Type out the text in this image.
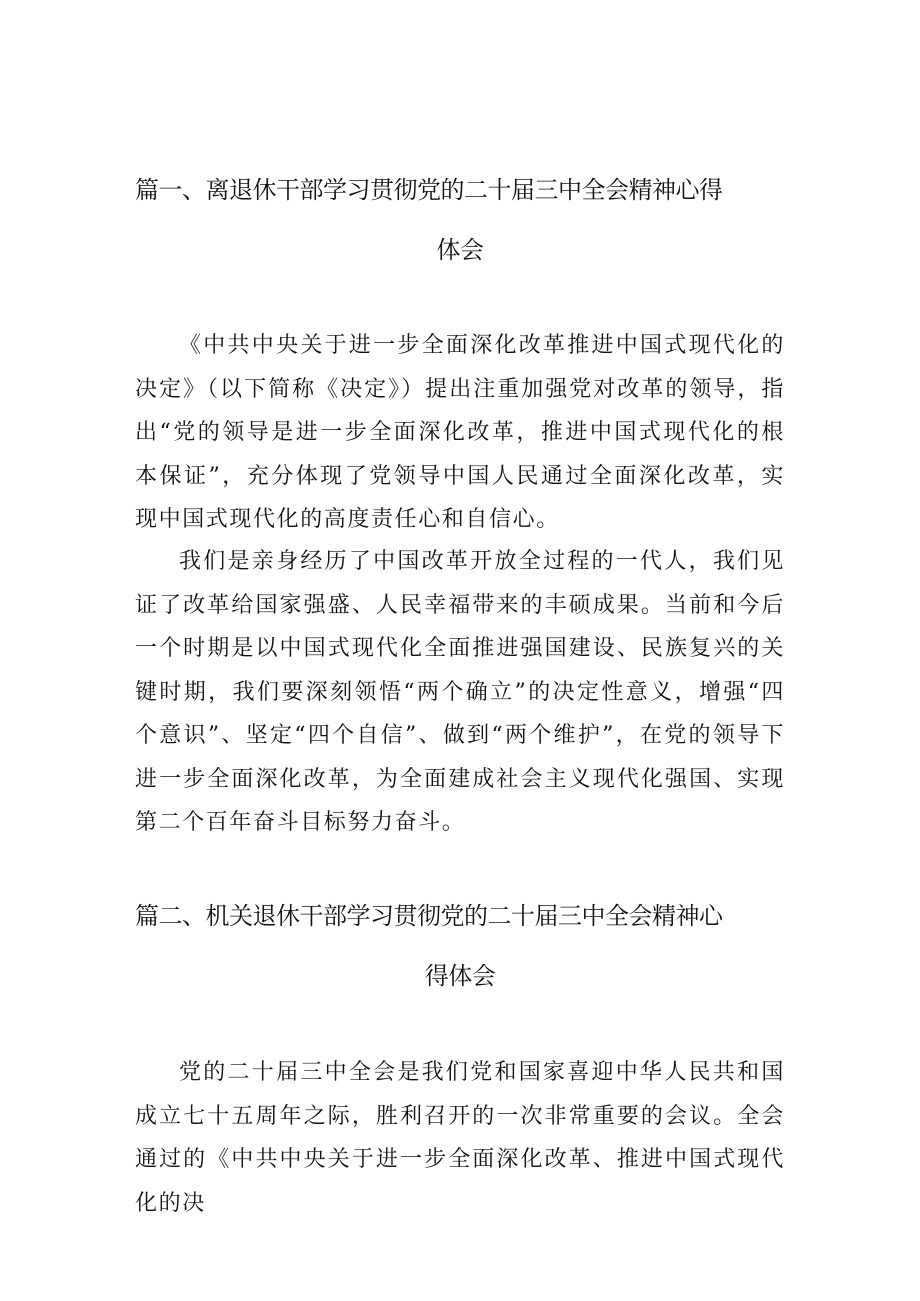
篇一、离退休干部学习贯彻党的二十届三中全会精神心得
体会

《中共中央关于进一步全面深化改革推进中国式现代化的决定》（以下简称《决定》）提出注重加强党对改革的领导，指出“党的领导是进一步全面深化改革，推进中国式现代化的根本保证”，充分体现了党领导中国人民通过全面深化改革，实现中国式现代化的高度责任心和自信心。

我们是亲身经历了中国改革开放全过程的一代人，我们见证了改革给国家强盛、人民幸福带来的丰硕成果。当前和今后一个时期是以中国式现代化全面推进强国建设、民族复兴的关键时期，我们要深刻领悟“两个确立”的决定性意义，增强“四个意识”、坚定“四个自信”、做到“两个维护”，在党的领导下进一步全面深化改革，为全面建成社会主义现代化强国、实现第二个百年奋斗目标努力奋斗。

篇二、机关退休干部学习贯彻党的二十届三中全会精神心
得体会

党的二十届三中全会是我们党和国家喜迎中华人民共和国成立七十五周年之际，胜利召开的一次非常重要的会议。全会通过的《中共中央关于进一步全面深化改革、推进中国式现代化的决
